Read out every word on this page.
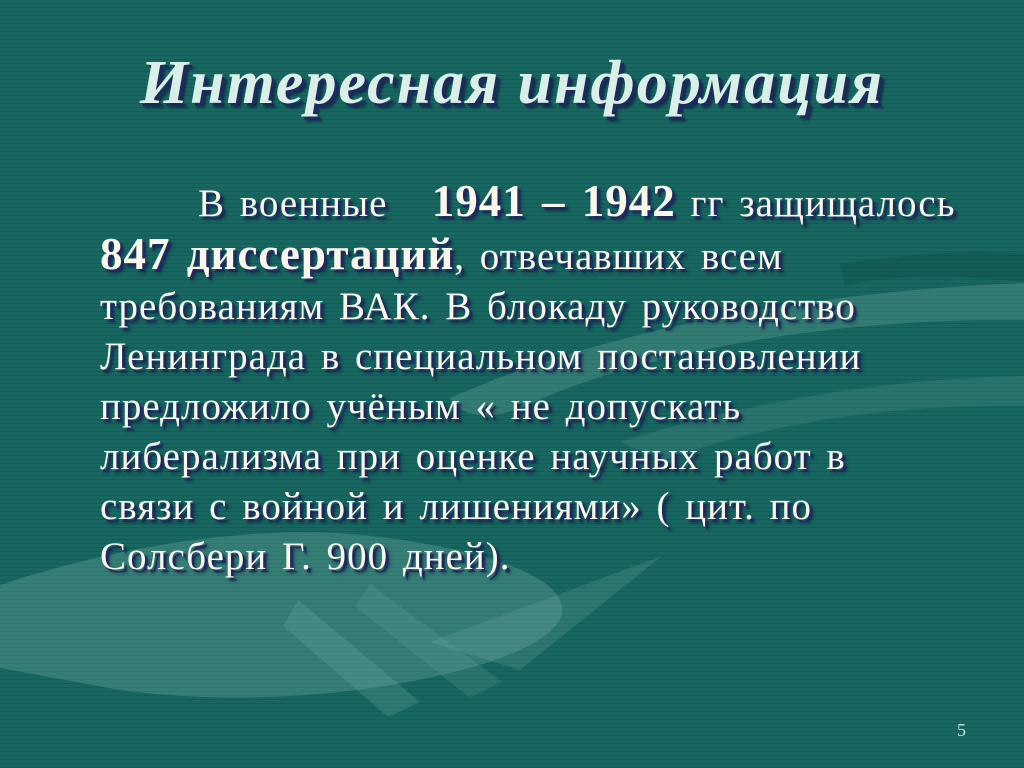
Интересная информация
В военные   1941 – 1942 гг защищалось
847 диссертаций, отвечавших всем
требованиям ВАК. В блокаду руководство
Ленинграда в специальном постановлении
предложило учёным « не допускать
либерализма при оценке научных работ в
связи с войной и лишениями» ( цит. по
Солсбери Г. 900 дней).
5
